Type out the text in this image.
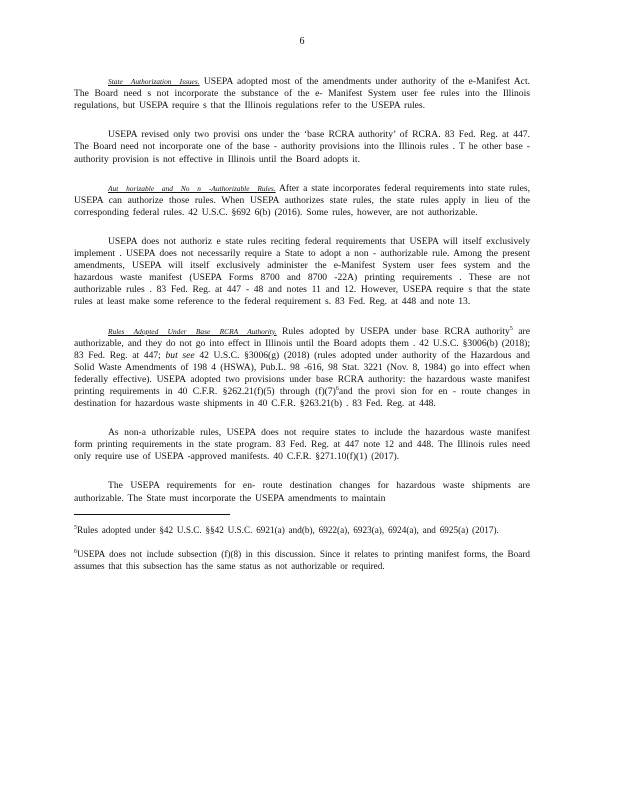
6

State Authorization Issues. USEPA adopted most of the amendments under authority of the e-Manifest Act. The Board need s not incorporate the substance of the e- Manifest System user fee rules into the Illinois regulations, but USEPA require s that the Illinois regulations refer to the USEPA rules.

USEPA revised only two provisi ons under the ‘base RCRA authority’ of RCRA. 83 Fed. Reg. at 447. The Board need not incorporate one of the base - authority provisions into the Illinois rules . T he other base -authority provision is not effective in Illinois until the Board adopts it.

Aut horizable and No n -Authorizable Rules. After a state incorporates federal requirements into state rules, USEPA can authorize those rules. When USEPA authorizes state rules, the state rules apply in lieu of the corresponding federal rules. 42 U.S.C. §692 6(b) (2016). Some rules, however, are not authorizable.

USEPA does not authoriz e state rules reciting federal requirements that USEPA will itself exclusively implement . USEPA does not necessarily require a State to adopt a non - authorizable rule. Among the present amendments, USEPA will itself exclusively administer the e-Manifest System user fees system and the hazardous waste manifest (USEPA Forms 8700 and 8700 -22A) printing requirements . These are not authorizable rules . 83 Fed. Reg. at 447 - 48 and notes 11 and 12. However, USEPA require s that the state rules at least make some reference to the federal requirement s. 83 Fed. Reg. at 448 and note 13.

Rules Adopted Under Base RCRA Authority. Rules adopted by USEPA under base RCRA authority$^5$ are authorizable, and they do not go into effect in Illinois until the Board adopts them . 42 U.S.C. §3006(b) (2018); 83 Fed. Reg. at 447; but see 42 U.S.C. §3006(g) (2018) (rules adopted under authority of the Hazardous and Solid Waste Amendments of 198 4 (HSWA), Pub.L. 98 -616, 98 Stat. 3221 (Nov. 8, 1984) go into effect when federally effective). USEPA adopted two provisions under base RCRA authority: the hazardous waste manifest printing requirements in 40 C.F.R. §262.21(f)(5) through $(f)(7)^6and$ the provi sion for en - route changes in destination for hazardous waste shipments in 40 C.F.R. §263.21(b) . 83 Fed. Reg. at 448.

As non-a uthorizable rules, USEPA does not require states to include the hazardous waste manifest form printing requirements in the state program. 83 Fed. Reg. at 447 note 12 and 448. The Illinois rules need only require use of USEPA -approved manifests. 40 C.F.R. §271.10(f)(1) (2017).

The USEPA requirements for en- route destination changes for hazardous waste shipments are authorizable. The State must incorporate the USEPA amendments to maintain

$^5$Rules adopted under §42 U.S.C. §§42 U.S.C. 6921(a) and(b), 6922(a), 6923(a), 6924(a), and 6925(a) (2017).

$^6$USEPA does not include subsection (f)(8) in this discussion. Since it relates to printing manifest forms, the Board assumes that this subsection has the same status as not authorizable or required.
